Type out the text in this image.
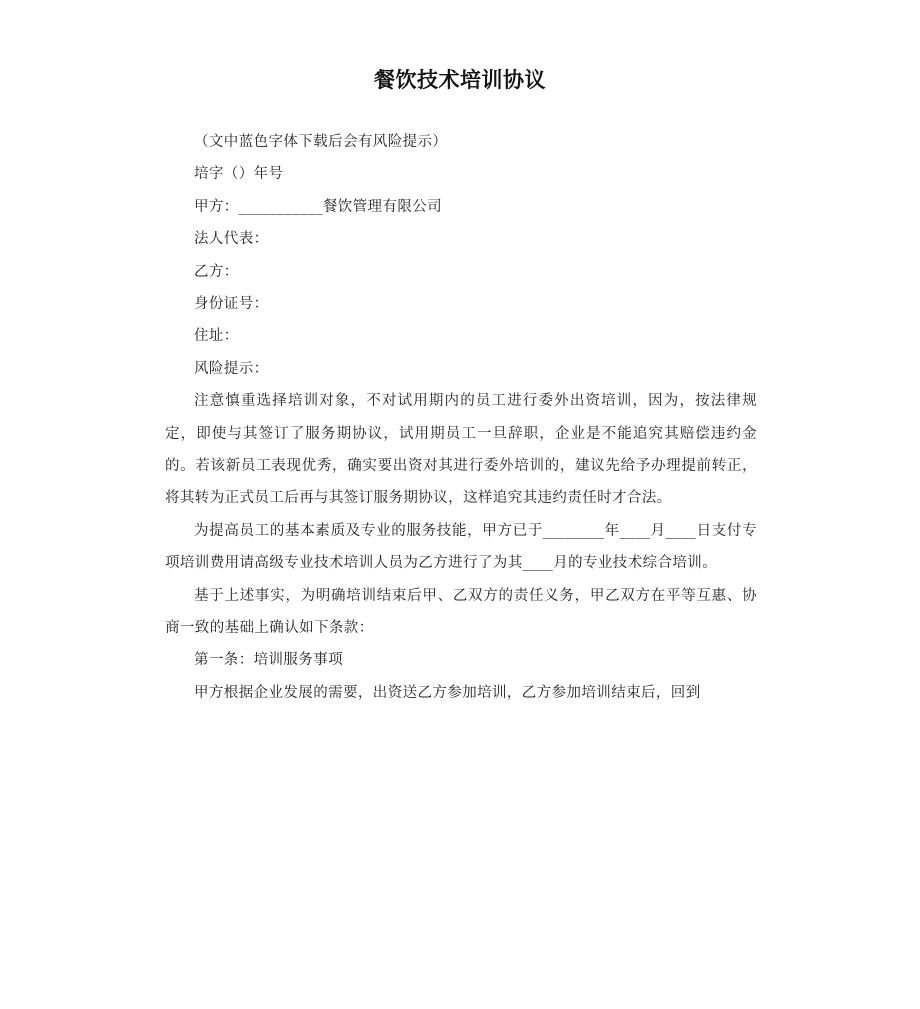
餐饮技术培训协议
（文中蓝色字体下载后会有风险提示）
培字（）年号
甲方：___________餐饮管理有限公司
法人代表：
乙方：
身份证号：
住址：
风险提示：
注意慎重选择培训对象，不对试用期内的员工进行委外出资培训，因为，按法律规定，即使与其签订了服务期协议，试用期员工一旦辞职，企业是不能追究其赔偿违约金的。若该新员工表现优秀，确实要出资对其进行委外培训的，建议先给予办理提前转正，将其转为正式员工后再与其签订服务期协议，这样追究其违约责任时才合法。
为提高员工的基本素质及专业的服务技能，甲方已于________年____月____日支付专项培训费用请高级专业技术培训人员为乙方进行了为其____月的专业技术综合培训。
基于上述事实，为明确培训结束后甲、乙双方的责任义务，甲乙双方在平等互惠、协商一致的基础上确认如下条款：
第一条：培训服务事项
甲方根据企业发展的需要，出资送乙方参加培训，乙方参加培训结束后，回到
